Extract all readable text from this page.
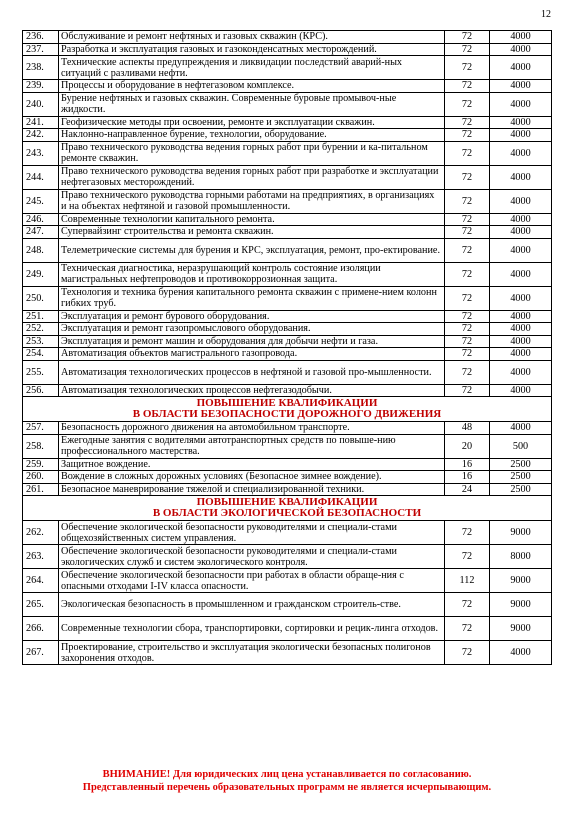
12
236.	Обслуживание и ремонт нефтяных и газовых скважин (КРС).	72	4000
237.	Разработка и эксплуатация газовых и газоконденсатных месторождений.	72	4000
238.	Технические аспекты предупреждения и ликвидации последствий аварий-ных ситуаций с разливами нефти.	72	4000
239.	Процессы и оборудование в нефтегазовом комплексе.	72	4000
240.	Бурение нефтяных и газовых скважин. Современные буровые промывоч-ные жидкости.	72	4000
241.	Геофизические методы при освоении, ремонте и эксплуатации скважин.	72	4000
242.	Наклонно-направленное бурение, технологии, оборудование.	72	4000
243.	Право технического руководства ведения горных работ при бурении и ка-питальном ремонте скважин.	72	4000
244.	Право технического руководства ведения горных работ при разработке и эксплуатации нефтегазовых месторождений.	72	4000
245.	Право технического руководства горными работами на предприятиях, в организациях и на объектах нефтяной и газовой промышленности.	72	4000
246.	Современные технологии капитального ремонта.	72	4000
247.	Супервайзинг строительства и ремонта скважин.	72	4000
248.	Телеметрические системы для бурения и КРС, эксплуатация, ремонт, про-ектирование.	72	4000
249.	Техническая диагностика, неразрушающий контроль состояние изоляции магистральных нефтепроводов и противокоррозионная защита.	72	4000
250.	Технология и техника бурения капитального ремонта скважин с примене-нием колонн гибких труб.	72	4000
251.	Эксплуатация и ремонт бурового оборудования.	72	4000
252.	Эксплуатация и ремонт газопромыслового оборудования.	72	4000
253.	Эксплуатация и ремонт машин и оборудования для добычи нефти и газа.	72	4000
254.	Автоматизация объектов магистрального газопровода.	72	4000
255.	Автоматизация технологических процессов в нефтяной и газовой про-мышленности.	72	4000
256.	Автоматизация технологических процессов нефтегазодобычи.	72	4000

ПОВЫШЕНИЕ КВАЛИФИКАЦИИ
В ОБЛАСТИ БЕЗОПАСНОСТИ ДОРОЖНОГО ДВИЖЕНИЯ			

257.	Безопасность дорожного движения на автомобильном транспорте.	48	4000
258.	Ежегодные занятия с водителями автотранспортных средств по повыше-нию профессионального мастерства.	20	500
259.	Защитное вождение.	16	2500
260.	Вождение в сложных дорожных условиях (Безопасное зимнее вождение).	16	2500
261.	Безопасное маневрирование тяжелой и специализированной техники.	24	2500

ПОВЫШЕНИЕ КВАЛИФИКАЦИИ
В ОБЛАСТИ ЭКОЛОГИЧЕСКОЙ БЕЗОПАСНОСТИ			

262.	Обеспечение экологической безопасности руководителями и специали-стами общехозяйственных систем управления.	72	9000
263.	Обеспечение экологической безопасности руководителями и специали-стами экологических служб и систем экологического контроля.	72	8000
264.	Обеспечение экологической безопасности при работах в области обраще-ния с опасными отходами I-IV класса опасности.	112	9000
265.	Экологическая безопасность в промышленном и гражданском строитель-стве.	72	9000
266.	Современные технологии сбора, транспортировки, сортировки и рецик-линга отходов.	72	9000
267.	Проектирование, строительство и эксплуатация экологически безопасных полигонов захоронения отходов.	72	4000
ВНИМАНИЕ! Для юридических лиц цена устанавливается по согласованию.
Представленный перечень образовательных программ не является исчерпывающим.
